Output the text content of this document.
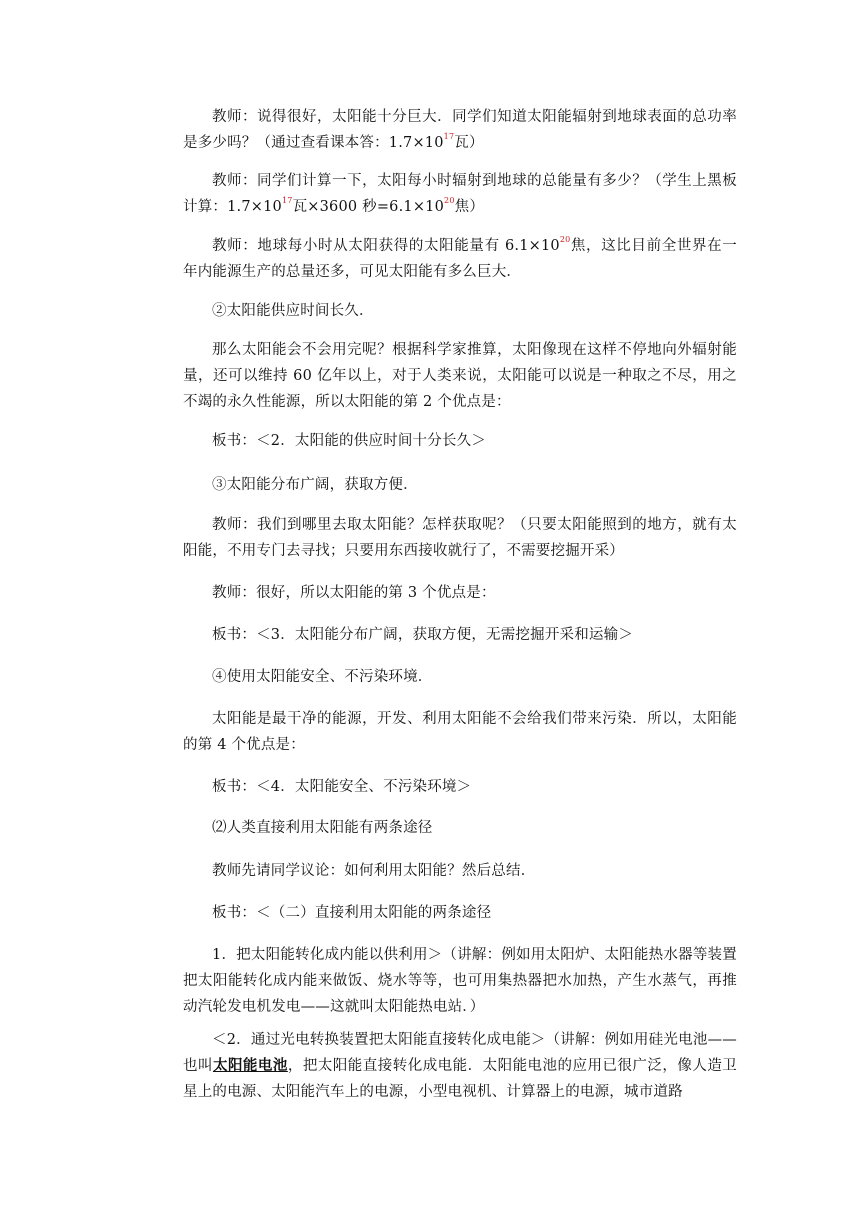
教师：说得很好，太阳能十分巨大．同学们知道太阳能辐射到地球表面的总功率是多少吗？（通过查看课本答：$1.7\times 10^{17}$瓦）

教师：同学们计算一下，太阳每小时辐射到地球的总能量有多少？（学生上黑板计算：$1.7\times 10^{17}$瓦×3600 秒$=6.1\times 10^{20}$焦）

教师：地球每小时从太阳获得的太阳能量有 $6.1\times 10^{20}$焦，这比目前全世界在一年内能源生产的总量还多，可见太阳能有多么巨大．

②太阳能供应时间长久．

那么太阳能会不会用完呢？根据科学家推算，太阳像现在这样不停地向外辐射能量，还可以维持 60 亿年以上，对于人类来说，太阳能可以说是一种取之不尽，用之不竭的永久性能源，所以太阳能的第 2 个优点是：

板书：＜2．太阳能的供应时间十分长久＞

③太阳能分布广阔，获取方便．

教师：我们到哪里去取太阳能？怎样获取呢？（只要太阳能照到的地方，就有太阳能，不用专门去寻找；只要用东西接收就行了，不需要挖掘开采）

教师：很好，所以太阳能的第 3 个优点是：

板书：＜3．太阳能分布广阔，获取方便，无需挖掘开采和运输＞

④使用太阳能安全、不污染环境．

太阳能是最干净的能源，开发、利用太阳能不会给我们带来污染．所以，太阳能的第 4 个优点是：

板书：＜4．太阳能安全、不污染环境＞

⑵人类直接利用太阳能有两条途径

教师先请同学议论：如何利用太阳能？然后总结．

板书：＜（二）直接利用太阳能的两条途径

1．把太阳能转化成内能以供利用＞（讲解：例如用太阳炉、太阳能热水器等装置把太阳能转化成内能来做饭、烧水等等，也可用集热器把水加热，产生水蒸气，再推动汽轮发电机发电——这就叫太阳能热电站．）

＜2．通过光电转换装置把太阳能直接转化成电能＞（讲解：例如用硅光电池——也叫太阳能电池，把太阳能直接转化成电能．太阳能电池的应用已很广泛，像人造卫星上的电源、太阳能汽车上的电源，小型电视机、计算器上的电源，城市道路
